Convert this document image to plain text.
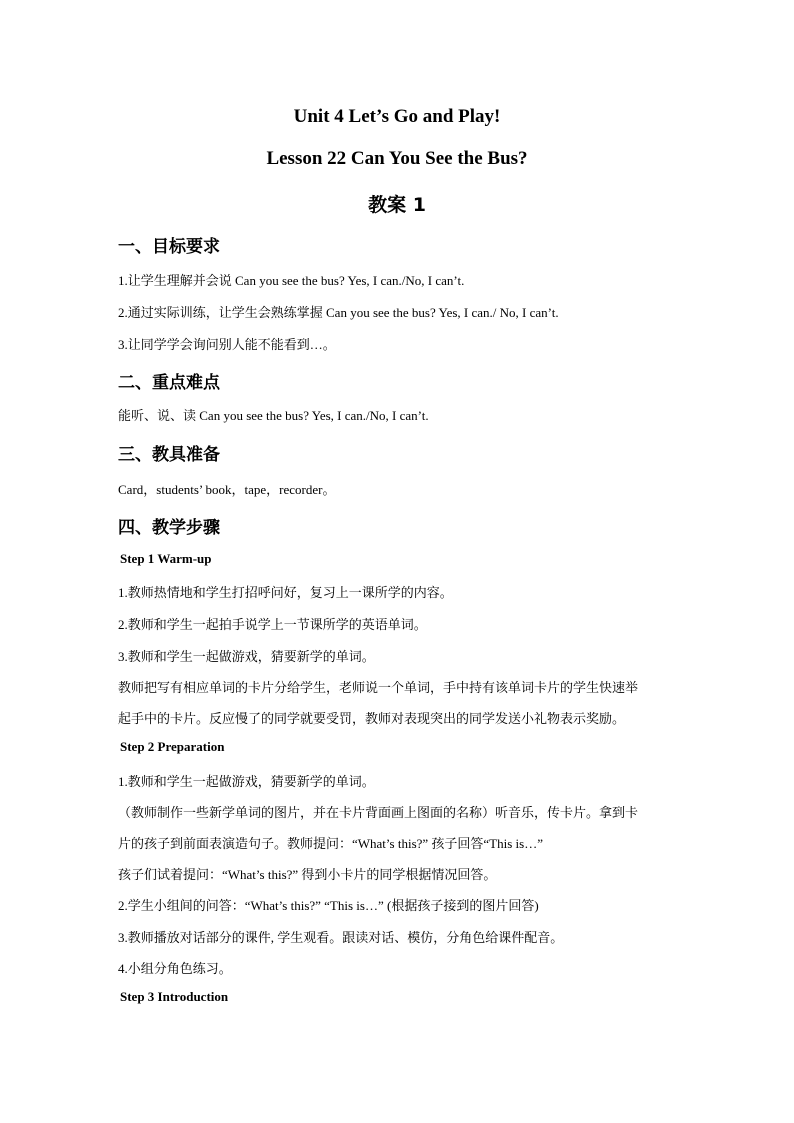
Unit 4 Let’s Go and Play!
Lesson 22 Can You See the Bus?
教案 1
一、目标要求
1.让学生理解并会说 Can you see the bus? Yes, I can./No, I can’t.
2.通过实际训练，让学生会熟练掌握 Can you see the bus? Yes, I can./ No, I can’t.
3.让同学学会询问别人能不能看到…。
二、重点难点
能听、说、读 Can you see the bus? Yes, I can./No, I can’t.
三、教具准备
Card，students’ book，tape，recorder。
四、教学步骤
Step 1 Warm-up
1.教师热情地和学生打招呼问好，复习上一课所学的内容。
2.教师和学生一起拍手说学上一节课所学的英语单词。
3.教师和学生一起做游戏，猜要新学的单词。
教师把写有相应单词的卡片分给学生，老师说一个单词，手中持有该单词卡片的学生快速举
起手中的卡片。反应慢了的同学就要受罚，教师对表现突出的同学发送小礼物表示奖励。
Step 2 Preparation
1.教师和学生一起做游戏，猜要新学的单词。
（教师制作一些新学单词的图片，并在卡片背面画上图面的名称）听音乐，传卡片。拿到卡
片的孩子到前面表演造句子。教师提问：“What’s this?” 孩子回答“This is…”
孩子们试着提问：“What’s this?” 得到小卡片的同学根据情况回答。
2.学生小组间的问答：“What’s this?” “This is…” (根据孩子接到的图片回答)
3.教师播放对话部分的课件, 学生观看。跟读对话、模仿，分角色给课件配音。
4.小组分角色练习。
Step 3 Introduction
